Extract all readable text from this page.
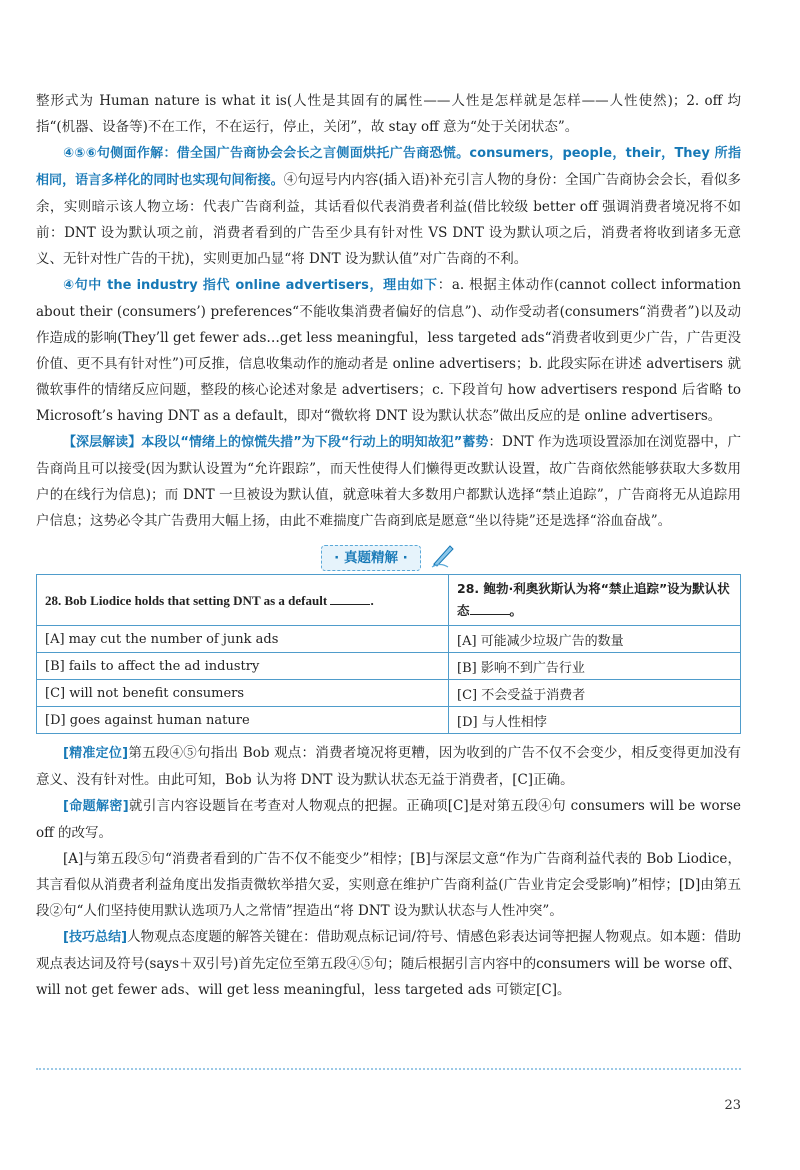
整形式为 Human nature is what it is(人性是其固有的属性——人性是怎样就是怎样——人性使然)；2. off 均指“(机器、设备等)不在工作，不在运行，停止，关闭”，故 stay off 意为“处于关闭状态”。

④⑤⑥句侧面作解：借全国广告商协会会长之言侧面烘托广告商恐慌。consumers，people，their，They 所指相同，语言多样化的同时也实现句间衔接。④句逗号内内容(插入语)补充引言人物的身份：全国广告商协会会长，看似多余，实则暗示该人物立场：代表广告商利益，其话看似代表消费者利益(借比较级 better off 强调消费者境况将不如前：DNT 设为默认项之前，消费者看到的广告至少具有针对性 VS DNT 设为默认项之后，消费者将收到诸多无意义、无针对性广告的干扰)，实则更加凸显“将 DNT 设为默认值”对广告商的不利。

④句中 the industry 指代 online advertisers，理由如下：a. 根据主体动作(cannot collect information about their (consumers’) preferences“不能收集消费者偏好的信息”)、动作受动者(consumers“消费者”)以及动作造成的影响(They’ll get fewer ads…get less meaningful，less targeted ads“消费者收到更少广告，广告更没价值、更不具有针对性”)可反推，信息收集动作的施动者是 online advertisers；b. 此段实际在讲述 advertisers 就微软事件的情绪反应问题，整段的核心论述对象是 advertisers；c. 下段首句 how advertisers respond 后省略 to Microsoft’s having DNT as a default，即对“微软将 DNT 设为默认状态”做出反应的是 online advertisers。

【深层解读】本段以“情绪上的惊慌失措”为下段“行动上的明知故犯”蓄势：DNT 作为选项设置添加在浏览器中，广告商尚且可以接受(因为默认设置为“允许跟踪”，而天性使得人们懒得更改默认设置，故广告商依然能够获取大多数用户的在线行为信息)；而 DNT 一旦被设为默认值，就意味着大多数用户都默认选择“禁止追踪”，广告商将无从追踪用户信息；这势必令其广告费用大幅上扬，由此不难揣度广告商到底是愿意“坐以待毙”还是选择“浴血奋战”。

· 真题精解 ·
28. Bob Liodice holds that setting DNT as a default .	28. 鲍勃·利奥狄斯认为将“禁止追踪”设为默认状态 。
[A] may cut the number of junk ads	[A] 可能减少垃圾广告的数量
[B] fails to affect the ad industry	[B] 影响不到广告行业
[C] will not benefit consumers	[C] 不会受益于消费者
[D] goes against human nature	[D] 与人性相悖

[精准定位]第五段④⑤句指出 Bob 观点：消费者境况将更糟，因为收到的广告不仅不会变少，相反变得更加没有意义、没有针对性。由此可知，Bob 认为将 DNT 设为默认状态无益于消费者，[C]正确。

[命题解密]就引言内容设题旨在考查对人物观点的把握。正确项[C]是对第五段④句 consumers will be worse off 的改写。

[A]与第五段⑤句“消费者看到的广告不仅不能变少”相悖；[B]与深层文意“作为广告商利益代表的 Bob Liodice，其言看似从消费者利益角度出发指责微软举措欠妥，实则意在维护广告商利益(广告业肯定会受影响)”相悖；[D]由第五段②句“人们坚持使用默认选项乃人之常情”捏造出“将 DNT 设为默认状态与人性冲突”。

[技巧总结]人物观点态度题的解答关键在：借助观点标记词/符号、情感色彩表达词等把握人物观点。如本题：借助观点表达词及符号(says＋双引号)首先定位至第五段④⑤句；随后根据引言内容中的consumers will be worse off、will not get fewer ads、will get less meaningful，less targeted ads 可锁定[C]。

23
